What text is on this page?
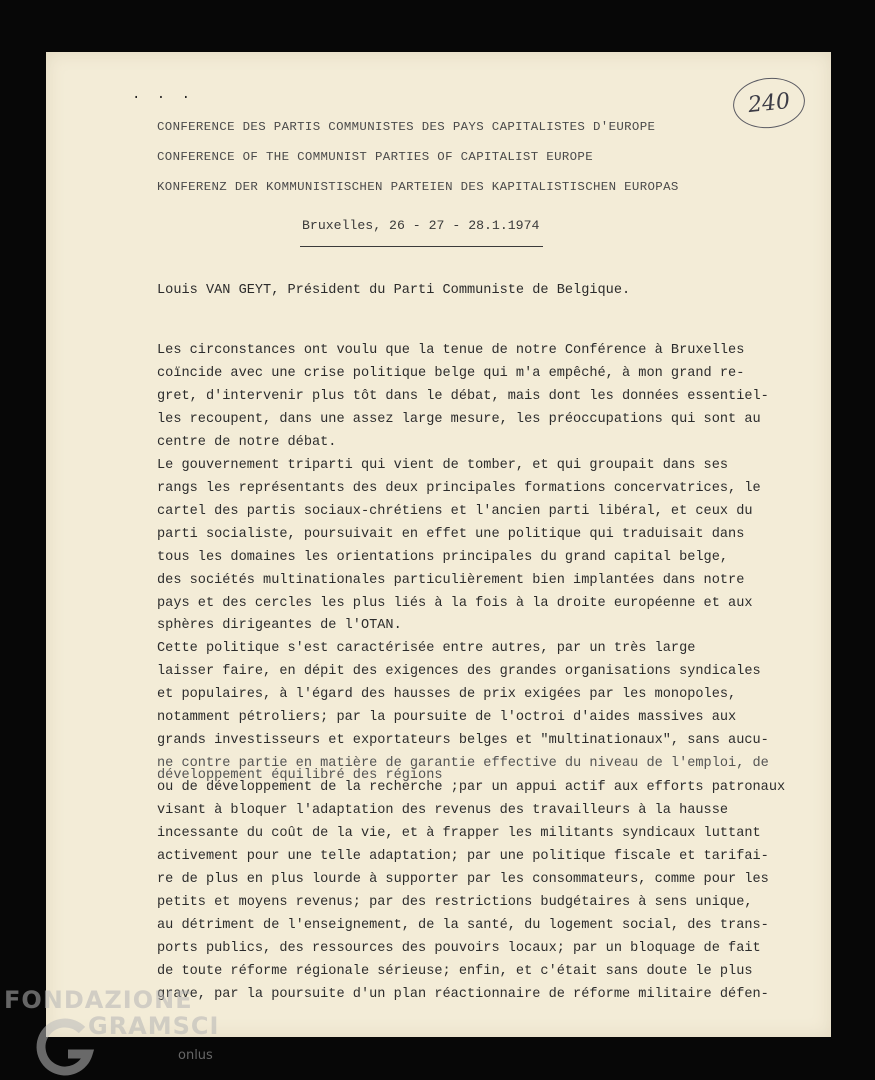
· · ·	240
CONFERENCE DES PARTIS COMMUNISTES DES PAYS CAPITALISTES D'EUROPE
CONFERENCE OF THE COMMUNIST PARTIES OF CAPITALIST EUROPE
KONFERENZ DER KOMMUNISTISCHEN PARTEIEN DES KAPITALISTISCHEN EUROPAS
Bruxelles, 26 - 27 - 28.1.1974
Louis VAN GEYT, Président du Parti Communiste de Belgique.
Les circonstances ont voulu que la tenue de notre Conférence à Bruxelles
coïncide avec une crise politique belge qui m'a empêché, à mon grand re-
gret, d'intervenir plus tôt dans le débat, mais dont les données essentiel-
les recoupent, dans une assez large mesure, les préoccupations qui sont au
centre de notre débat.
Le gouvernement triparti qui vient de tomber, et qui groupait dans ses
rangs les représentants des deux principales formations concervatrices, le
cartel des partis sociaux-chrétiens et l'ancien parti libéral, et ceux du
parti socialiste, poursuivait en effet une politique qui traduisait dans
tous les domaines les orientations principales du grand capital belge,
des sociétés multinationales particulièrement bien implantées dans notre
pays et des cercles les plus liés à la fois à la droite européenne et aux
sphères dirigeantes de l'OTAN.
Cette politique s'est caractérisée entre autres, par un très large
laisser faire, en dépit des exigences des grandes organisations syndicales
et populaires, à l'égard des hausses de prix exigées par les monopoles,
notamment pétroliers; par la poursuite de l'octroi d'aides massives aux
grands investisseurs et exportateurs belges et "multinationaux", sans aucu-
ne contre partie en matière de garantie effective du niveau de l'emploi, de
développement équilibré des régions
ou de développement de la recherche ;par un appui actif aux efforts patronaux
visant à bloquer l'adaptation des revenus des travailleurs à la hausse
incessante du coût de la vie, et à frapper les militants syndicaux luttant
activement pour une telle adaptation; par une politique fiscale et tarifai-
re de plus en plus lourde à supporter par les consommateurs, comme pour les
petits et moyens revenus; par des restrictions budgétaires à sens unique,
au détriment de l'enseignement, de la santé, du logement social, des trans-
ports publics, des ressources des pouvoirs locaux; par un bloquage de fait
de toute réforme régionale sérieuse; enfin, et c'était sans doute le plus
grave, par la poursuite d'un plan réactionnaire de réforme militaire défen-
FONDAZIONE
GRAMSCI
onlus
